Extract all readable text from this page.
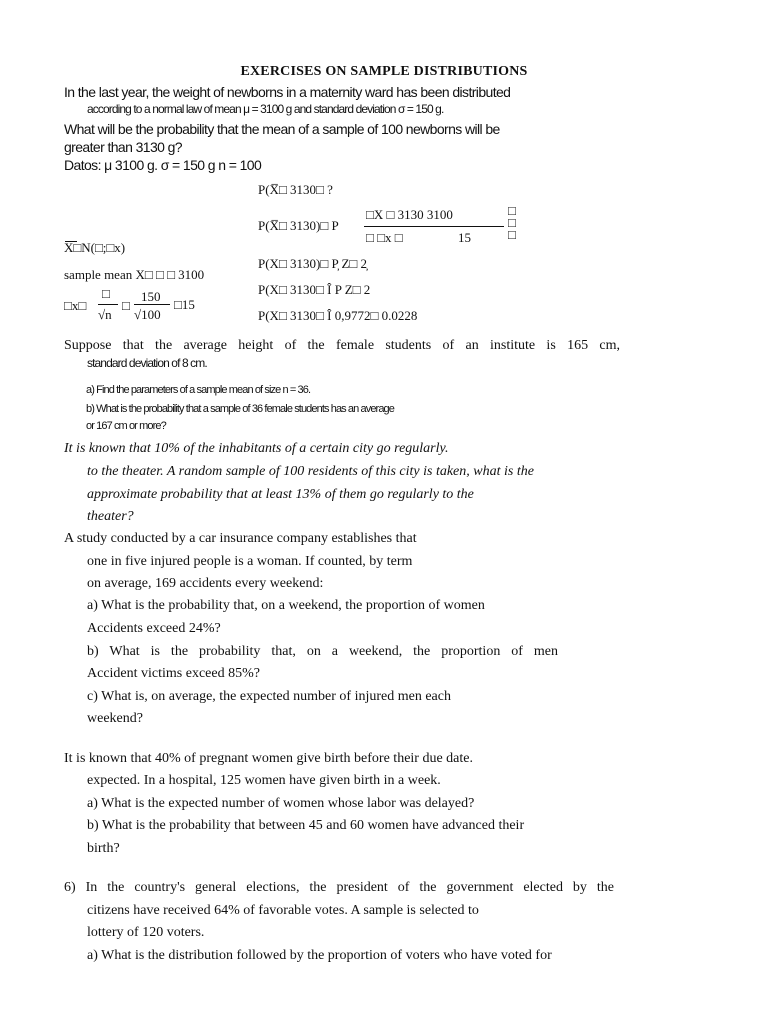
EXERCISES ON SAMPLE DISTRIBUTIONS
In the last year, the weight of newborns in a maternity ward has been distributed
according to a normal law of mean μ = 3100 g and standard deviation σ = 150 g.
What will be the probability that the mean of a sample of 100 newborns will be
greater than 3130 g?
Datos: μ 3100 g. σ = 150 g n = 100
P(X̅□ 3130□ ?
P(X̅□ 3130)□ P
□X □ 3130 3100
□ □x □	15
□
□
□
X□N(□;□x)
P(X□ 3130)□ P̦ Z□ 2̦
sample mean X□ □ □ 3100
P(X□ 3130□ Î P Z□ 2
□x□
□
√n
□
150
√100
□15
P(X□ 3130□ Î 0,9772□ 0.0228
Suppose that the average height of the female students of an institute is 165 cm,
standard deviation of 8 cm.
a) Find the parameters of a sample mean of size n = 36.
b) What is the probability that a sample of 36 female students has an average
or 167 cm or more?
It is known that 10% of the inhabitants of a certain city go regularly.
to the theater. A random sample of 100 residents of this city is taken, what is the
approximate probability that at least 13% of them go regularly to the
theater?
A study conducted by a car insurance company establishes that
one in five injured people is a woman. If counted, by term
on average, 169 accidents every weekend:
a) What is the probability that, on a weekend, the proportion of women
Accidents exceed 24%?
b) What is the probability that, on a weekend, the proportion of men
Accident victims exceed 85%?
c) What is, on average, the expected number of injured men each
weekend?
It is known that 40% of pregnant women give birth before their due date.
expected. In a hospital, 125 women have given birth in a week.
a) What is the expected number of women whose labor was delayed?
b) What is the probability that between 45 and 60 women have advanced their
birth?
6) In the country's general elections, the president of the government elected by the
citizens have received 64% of favorable votes. A sample is selected to
lottery of 120 voters.
a) What is the distribution followed by the proportion of voters who have voted for
